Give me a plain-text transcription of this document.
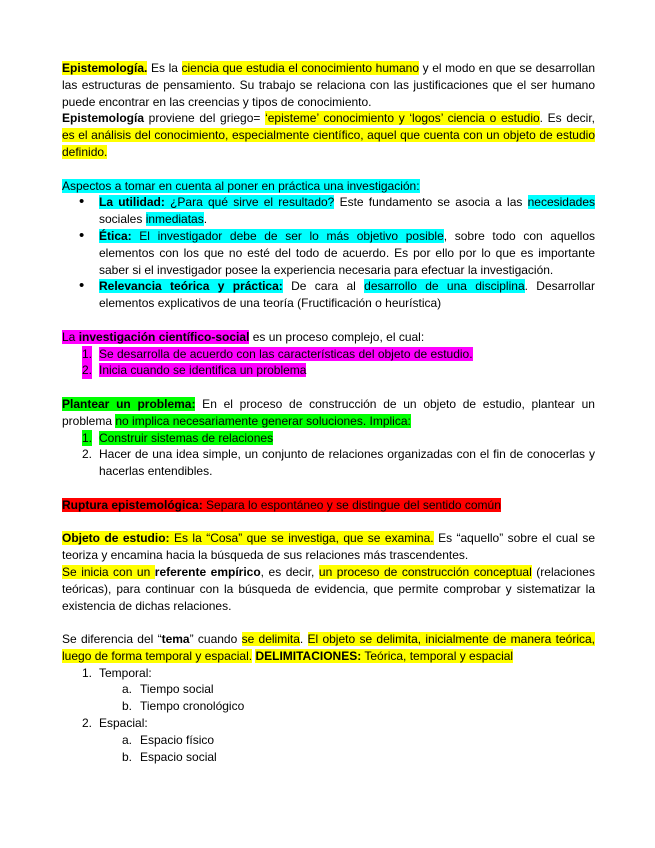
Epistemología. Es la ciencia que estudia el conocimiento humano y el modo en que se desarrollan las estructuras de pensamiento. Su trabajo se relaciona con las justificaciones que el ser humano puede encontrar en las creencias y tipos de conocimiento.

Epistemología proviene del griego= ‘episteme’ conocimiento y ‘logos’ ciencia o estudio. Es decir, es el análisis del conocimiento, especialmente científico, aquel que cuenta con un objeto de estudio definido.

Aspectos a tomar en cuenta al poner en práctica una investigación:

• La utilidad: ¿Para qué sirve el resultado? Este fundamento se asocia a las necesidades sociales inmediatas.
• Ética: El investigador debe de ser lo más objetivo posible, sobre todo con aquellos elementos con los que no esté del todo de acuerdo. Es por ello por lo que es importante saber si el investigador posee la experiencia necesaria para efectuar la investigación.
• Relevancia teórica y práctica: De cara al desarrollo de una disciplina. Desarrollar elementos explicativos de una teoría (Fructificación o heurística)

La investigación científico-social es un proceso complejo, el cual:

1. Se desarrolla de acuerdo con las características del objeto de estudio.
2. Inicia cuando se identifica un problema

Plantear un problema: En el proceso de construcción de un objeto de estudio, plantear un problema no implica necesariamente generar soluciones. Implica:

1. Construir sistemas de relaciones
2. Hacer de una idea simple, un conjunto de relaciones organizadas con el fin de conocerlas y hacerlas entendibles.

Ruptura epistemológica: Separa lo espontáneo y se distingue del sentido común

Objeto de estudio: Es la “Cosa” que se investiga, que se examina. Es “aquello” sobre el cual se teoriza y encamina hacia la búsqueda de sus relaciones más trascendentes.

Se inicia con un referente empírico, es decir, un proceso de construcción conceptual (relaciones teóricas), para continuar con la búsqueda de evidencia, que permite comprobar y sistematizar la existencia de dichas relaciones.

Se diferencia del “tema” cuando se delimita. El objeto se delimita, inicialmente de manera teórica, luego de forma temporal y espacial. DELIMITACIONES: Teórica, temporal y espacial

1. Temporal:
a. Tiempo social
b. Tiempo cronológico
2. Espacial:
a. Espacio físico
b. Espacio social
